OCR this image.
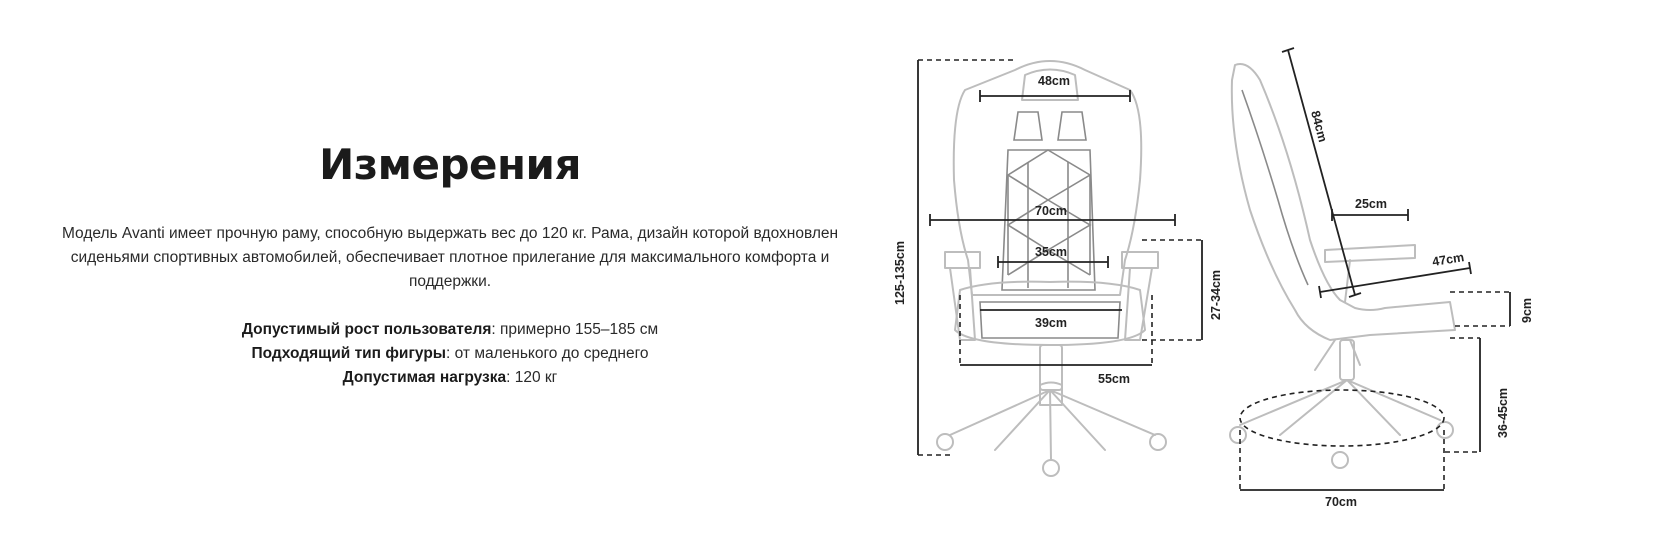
Измерения

Модель Avanti имеет прочную раму, способную выдержать вес до 120 кг. Рама, дизайн которой вдохновлен сиденьями спортивных автомобилей, обеспечивает плотное прилегание для максимального комфорта и поддержки.

Допустимый рост пользователя: примерно 155–185 см
Подходящий тип фигуры: от маленького до среднего
Допустимая нагрузка: 120 кг
48cm
70cm
35cm
39cm
55cm
125-135cm	27-34cm
84cm
25cm
47cm
9cm
36-45cm
70cm
